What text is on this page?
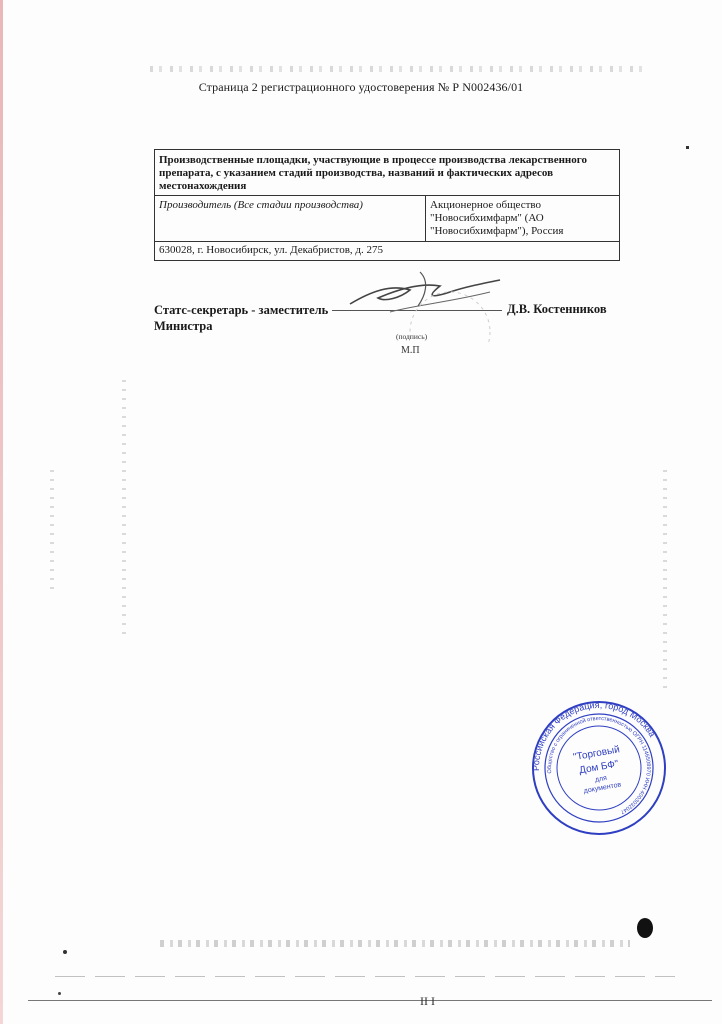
Страница 2 регистрационного удостоверения № Р N002436/01
Производственные площадки, участвующие в процессе производства лекарственного препарата, с указанием стадий производства, названий и фактических адресов местонахождения
Производитель (Все стадии производства)	Акционерное общество "Новосибхимфарм" (АО "Новосибхимфарм"), Россия
630028, г. Новосибирск, ул. Декабристов, д. 275
Статс-секретарь - заместитель Министра
Д.В. Костенников
(подпись)
М.П
Российская Федерация, город Москва
Общество с ограниченной ответственностью ОГРН 1146508970 ИНН 4003032047
"Торговый
Дом БФ"
для
документов
II I
